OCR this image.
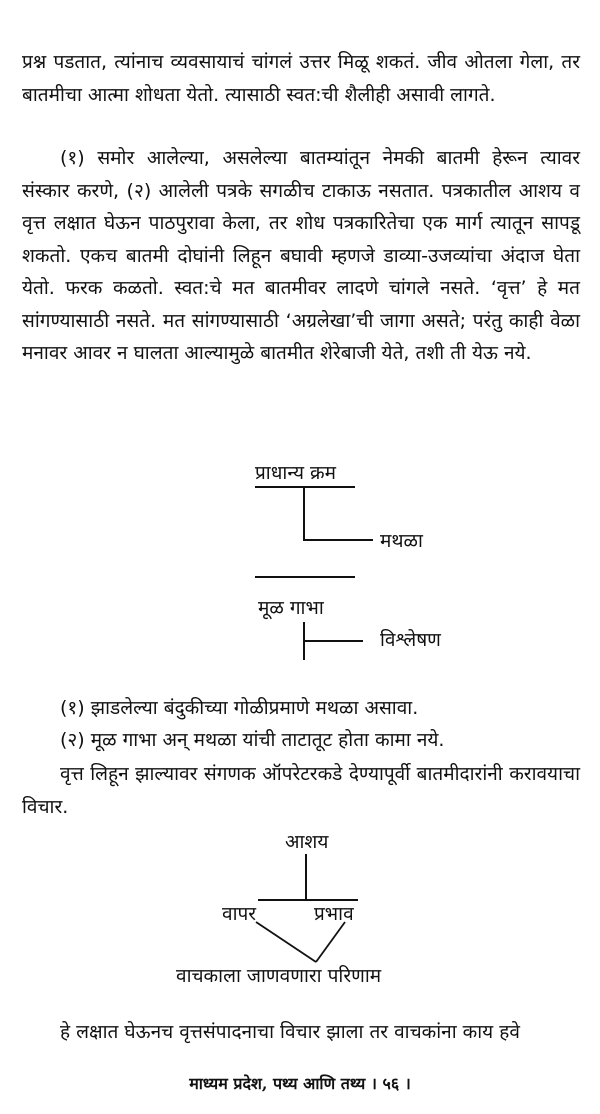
प्रश्न पडतात, त्यांनाच व्यवसायाचं चांगलं उत्तर मिळू शकतं. जीव ओतला गेला, तर बातमीचा आत्मा शोधता येतो. त्यासाठी स्वत:ची शैलीही असावी लागते.

(१) समोर आलेल्या, असलेल्या बातम्यांतून नेमकी बातमी हेरून त्यावर संस्कार करणे, (२) आलेली पत्रके सगळीच टाकाऊ नसतात. पत्रकातील आशय व वृत्त लक्षात घेऊन पाठपुरावा केला, तर शोध पत्रकारितेचा एक मार्ग त्यातून सापडू शकतो. एकच बातमी दोघांनी लिहून बघावी म्हणजे डाव्या-उजव्यांचा अंदाज घेता येतो. फरक कळतो. स्वत:चे मत बातमीवर लादणे चांगले नसते. ‘वृत्त’ हे मत सांगण्यासाठी नसते. मत सांगण्यासाठी ‘अग्रलेखा’ची जागा असते; परंतु काही वेळा मनावर आवर न घालता आल्यामुळे बातमीत शेरेबाजी येते, तशी ती येऊ नये.

प्राधान्य क्रम
मथळा
मूळ गाभा
विश्लेषण

(१) झाडलेल्या बंदुकीच्या गोळीप्रमाणे मथळा असावा.

(२) मूळ गाभा अन् मथळा यांची ताटातूट होता कामा नये.

वृत्त लिहून झाल्यावर संगणक ऑपरेटरकडे देण्यापूर्वी बातमीदारांनी करावयाचा विचार.

आशय
वापर	प्रभाव
वाचकाला जाणवणारा परिणाम

हे लक्षात घेऊनच वृत्तसंपादनाचा विचार झाला तर वाचकांना काय हवे

माध्यम प्रदेश, पथ्य आणि तथ्य । ५६ ।
